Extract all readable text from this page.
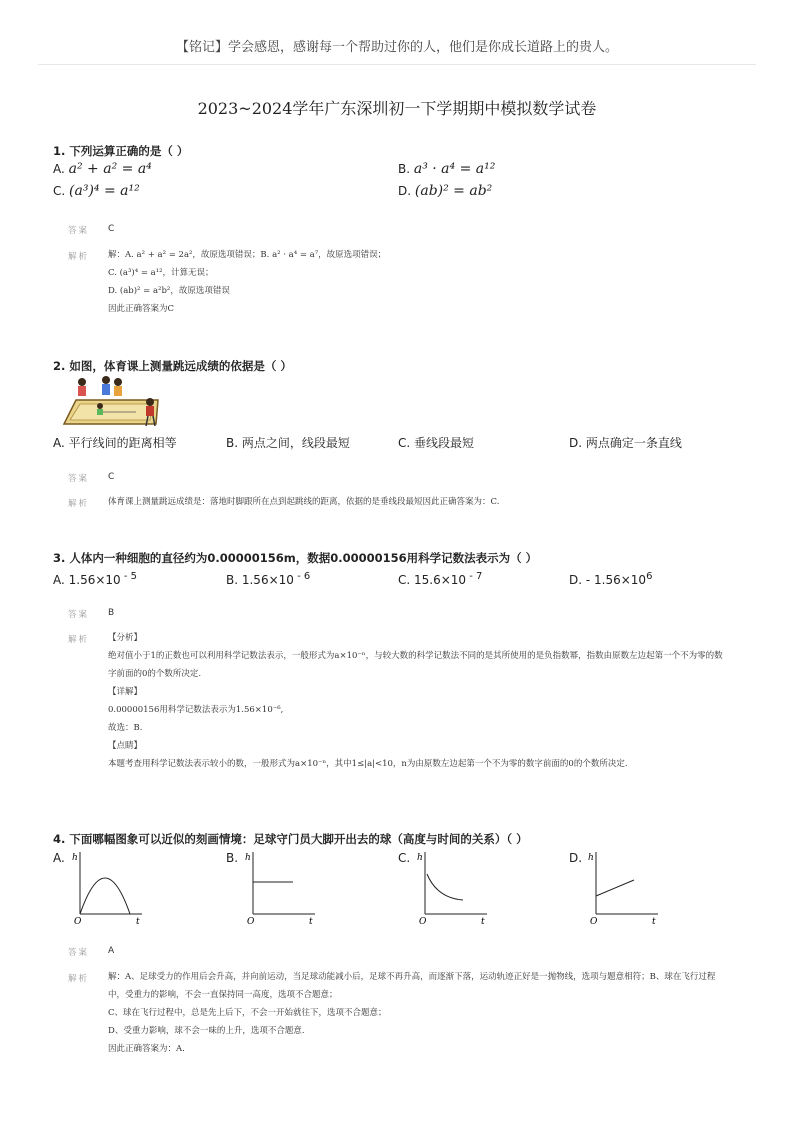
【铭记】学会感恩，感谢每一个帮助过你的人，他们是你成长道路上的贵人。
2023~2024学年广东深圳初一下学期期中模拟数学试卷
1. 下列运算正确的是（ ）
A. a² + a² = a⁴	B. a³ · a⁴ = a¹²
C. (a³)⁴ = a¹²	D. (ab)² = ab²
答案 C
解析 解：A. a² + a² = 2a²，故原选项错误；B. a² · a⁴ = a⁷，故原选项错误；
C. (a³)⁴ = a¹²，计算无误；
D. (ab)² = a²b²，故原选项错误
因此正确答案为C
2. 如图，体育课上测量跳远成绩的依据是（ ）
A. 平行线间的距离相等	B. 两点之间，线段最短	C. 垂线段最短	D. 两点确定一条直线
答案 C
解析 体育课上测量跳远成绩是：落地时脚跟所在点到起跳线的距离，依据的是垂线段最短因此正确答案为：C.
3. 人体内一种细胞的直径约为0.00000156m，数据0.00000156用科学记数法表示为（ ）
A. 1.56×10 $^{- 5}$	B. 1.56×10 $^{- 6}$	C. 15.6×10 $^{- 7}$	D. - $1.56\times 10^6$
答案 B
解析 【分析】
绝对值小于1的正数也可以利用科学记数法表示，一般形式为a×10⁻ⁿ，与较大数的科学记数法不同的是其所使用的是负指数幂，指数由原数左边起第一个不为零的数字前面的0的个数所决定.
【详解】
0.00000156用科学记数法表示为1.56×10⁻⁶,
故选：B.
【点睛】
本题考查用科学记数法表示较小的数，一般形式为a×10⁻ⁿ，其中1≤|a|<10，n为由原数左边起第一个不为零的数字前面的0的个数所决定.
4. 下面哪幅图象可以近似的刻画情境：足球守门员大脚开出去的球（高度与时间的关系）（ ）
A.	B.	C.	D.
h
t
O
h
t
O
h
t
O
h
t
O
答案 A
解析 解：A、足球受力的作用后会升高，并向前运动，当足球动能减小后，足球不再升高，而逐渐下落，运动轨迹正好是一抛物线，选项与题意相符；B、球在飞行过程中，受重力的影响，不会一直保持同一高度，选项不合题意；
C、球在飞行过程中，总是先上后下，不会一开始就往下，选项不合题意；
D、受重力影响，球不会一味的上升，选项不合题意.
因此正确答案为：A.
